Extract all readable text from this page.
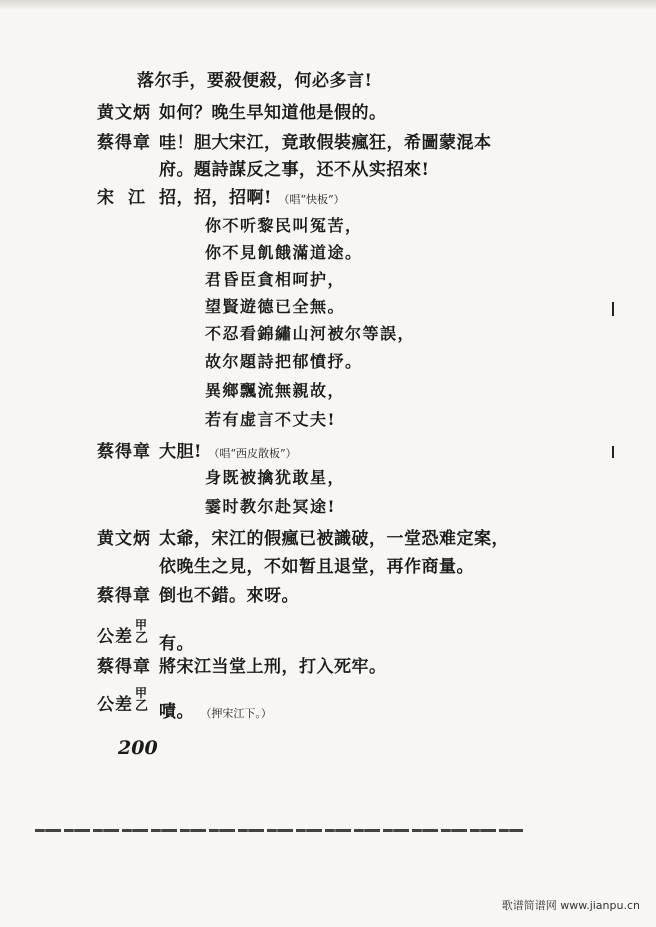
落尔手，要殺便殺，何必多言!
黄文炳 如何？晚生早知道他是假的。
蔡得章 哇！胆大宋江，竟敢假裝瘋狂，希圖蒙混本
府。題詩謀反之事，还不从实招來!
宋江招，招，招啊! （唱“快板”）
你不听黎民叫冤苦，
你不見飢餓滿道途。
君昏臣貪相呵护，
望賢遊德已全無。
不忍看錦繡山河被尔等誤，
故尔題詩把郁憤抒。
異鄉飄流無親故，
若有虚言不丈夫!
蔡得章 大胆! （唱“西皮散板”）
身既被擒犹敢星，
霎时教尔赴冥途!
黄文炳 太爺，宋江的假瘋已被識破，一堂恐难定案，
依晚生之見，不如暂且退堂，再作商量。
蔡得章 倒也不錯。來呀。
公差
甲
乙 有。
蔡得章 將宋江当堂上刑，打入死牢。
公差
甲
乙 嘖。 $_{(押宋江下。)}$
200
歌谱简谱网 www.jianpu.cn
